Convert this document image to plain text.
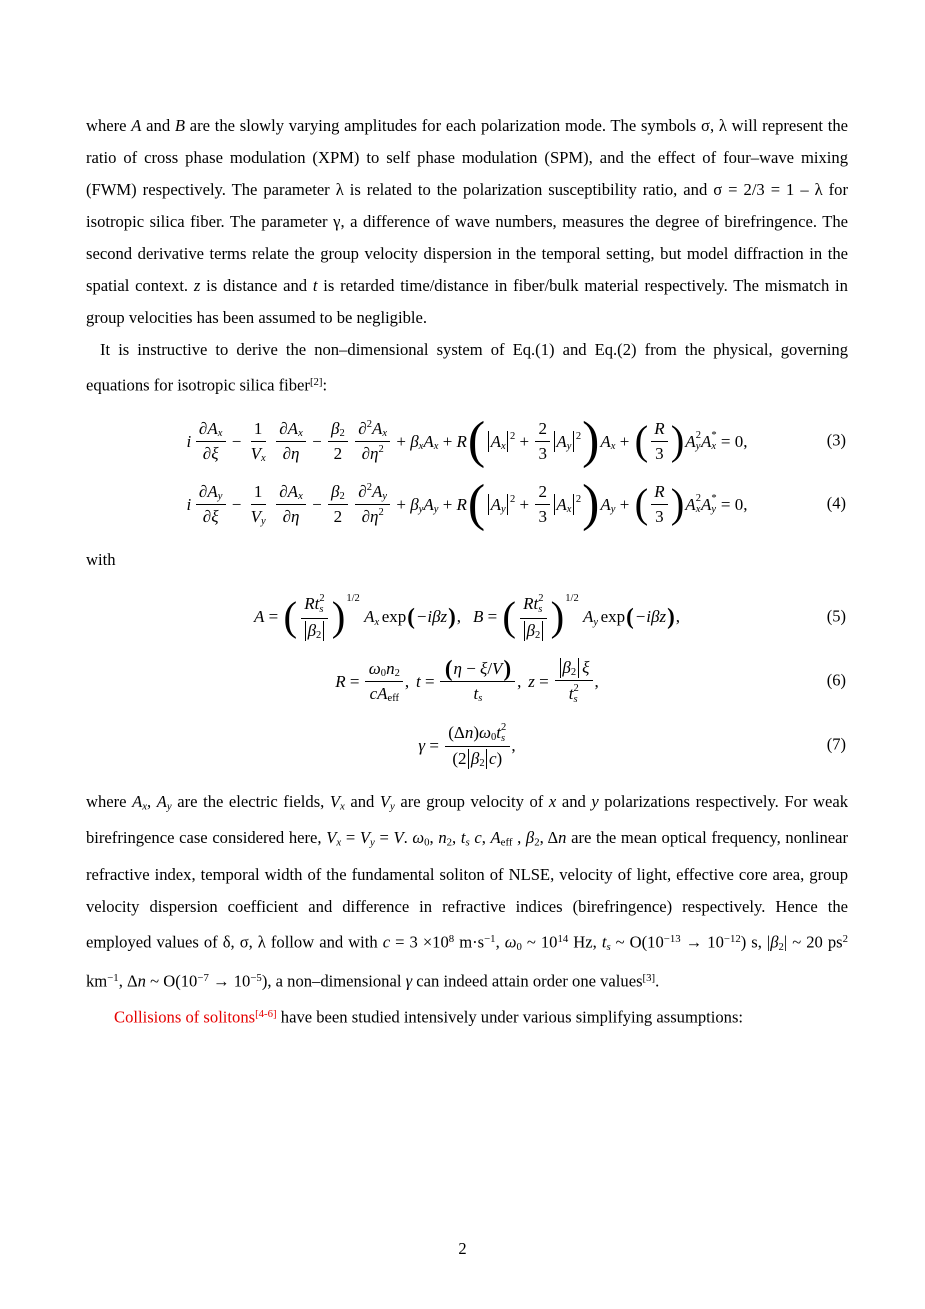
where A and B are the slowly varying amplitudes for each polarization mode. The symbols σ, λ will represent the ratio of cross phase modulation (XPM) to self phase modulation (SPM), and the effect of four–wave mixing (FWM) respectively. The parameter λ is related to the polarization susceptibility ratio, and σ = 2/3 = 1 – λ for isotropic silica fiber. The parameter γ, a difference of wave numbers, measures the degree of birefringence. The second derivative terms relate the group velocity dispersion in the temporal setting, but model diffraction in the spatial context. z is distance and t is retarded time/distance in fiber/bulk material respectively. The mismatch in group velocities has been assumed to be negligible.
It is instructive to derive the non–dimensional system of Eq.(1) and Eq.(2) from the physical, governing equations for isotropic silica fiber[2]:
i
∂ A x
∂ξ
− $\frac{1}{\text{V x}}$ ∂ A x
∂η
− $\frac{\beta 2}{2}$ ∂ 2 A x
∂ η 2 + β x A x + R ( A x
$2 + \frac{2}{3}$ A y
2 ) A x + ( R
3 ) A 2
y A *
x = 0 ,	(3)
i
∂ A y
∂ξ
− $\frac{1}{\text{V y}}$ ∂ A x
∂η
− $\frac{\beta 2}{2}$ ∂ 2 A y
∂ η 2 + β y A y + R ( A y
$2 + \frac{2}{3}$ A x
2 ) A y + ( R
3 ) A 2
x A *
y = 0 ,	(4)
with
A = ( R t 2
s
β 2 ) 1/2
A x exp ( −iβz ) , B = ( R t 2
s
β 2 ) 1/2
A y exp ( −iβz ) ,	(5)
R =
ω 0 n 2
c A eff
, $t = \frac{( \eta - \xi / V )}{\text{t s}}$ , z = β 2 ξ
t 2
s ,	(6)
γ = (Δ n ) ω 0 t 2
s
(2 β 2 c ) ,	(7)
where Ax, Ay are the electric fields, Vx and Vy are group velocity of x and y polarizations respectively. For weak birefringence case considered here, Vx = Vy = V. ω0, n2, ts c, Aeff , β2, Δn are the mean optical frequency, nonlinear refractive index, temporal width of the fundamental soliton of NLSE, velocity of light, effective core area, group velocity dispersion coefficient and difference in refractive indices (birefringence) respectively. Hence the employed values of δ, σ, λ follow and with $c = 3 \times 10^8$ $m\cdot s^{-1}$, ω0 ~ $10^{14}$ Hz, ts ~ $O(10^{-13} \to 10^{-12})$ s, |β2| ~ 20 $ps^2$ $km^{-1}$, Δn ~ $O(10^{-7} \to 10^{-5})$, a non–dimensional γ can indeed attain order one values[3].
Collisions of solitons[4-6] have been studied intensively under various simplifying assumptions:
2
